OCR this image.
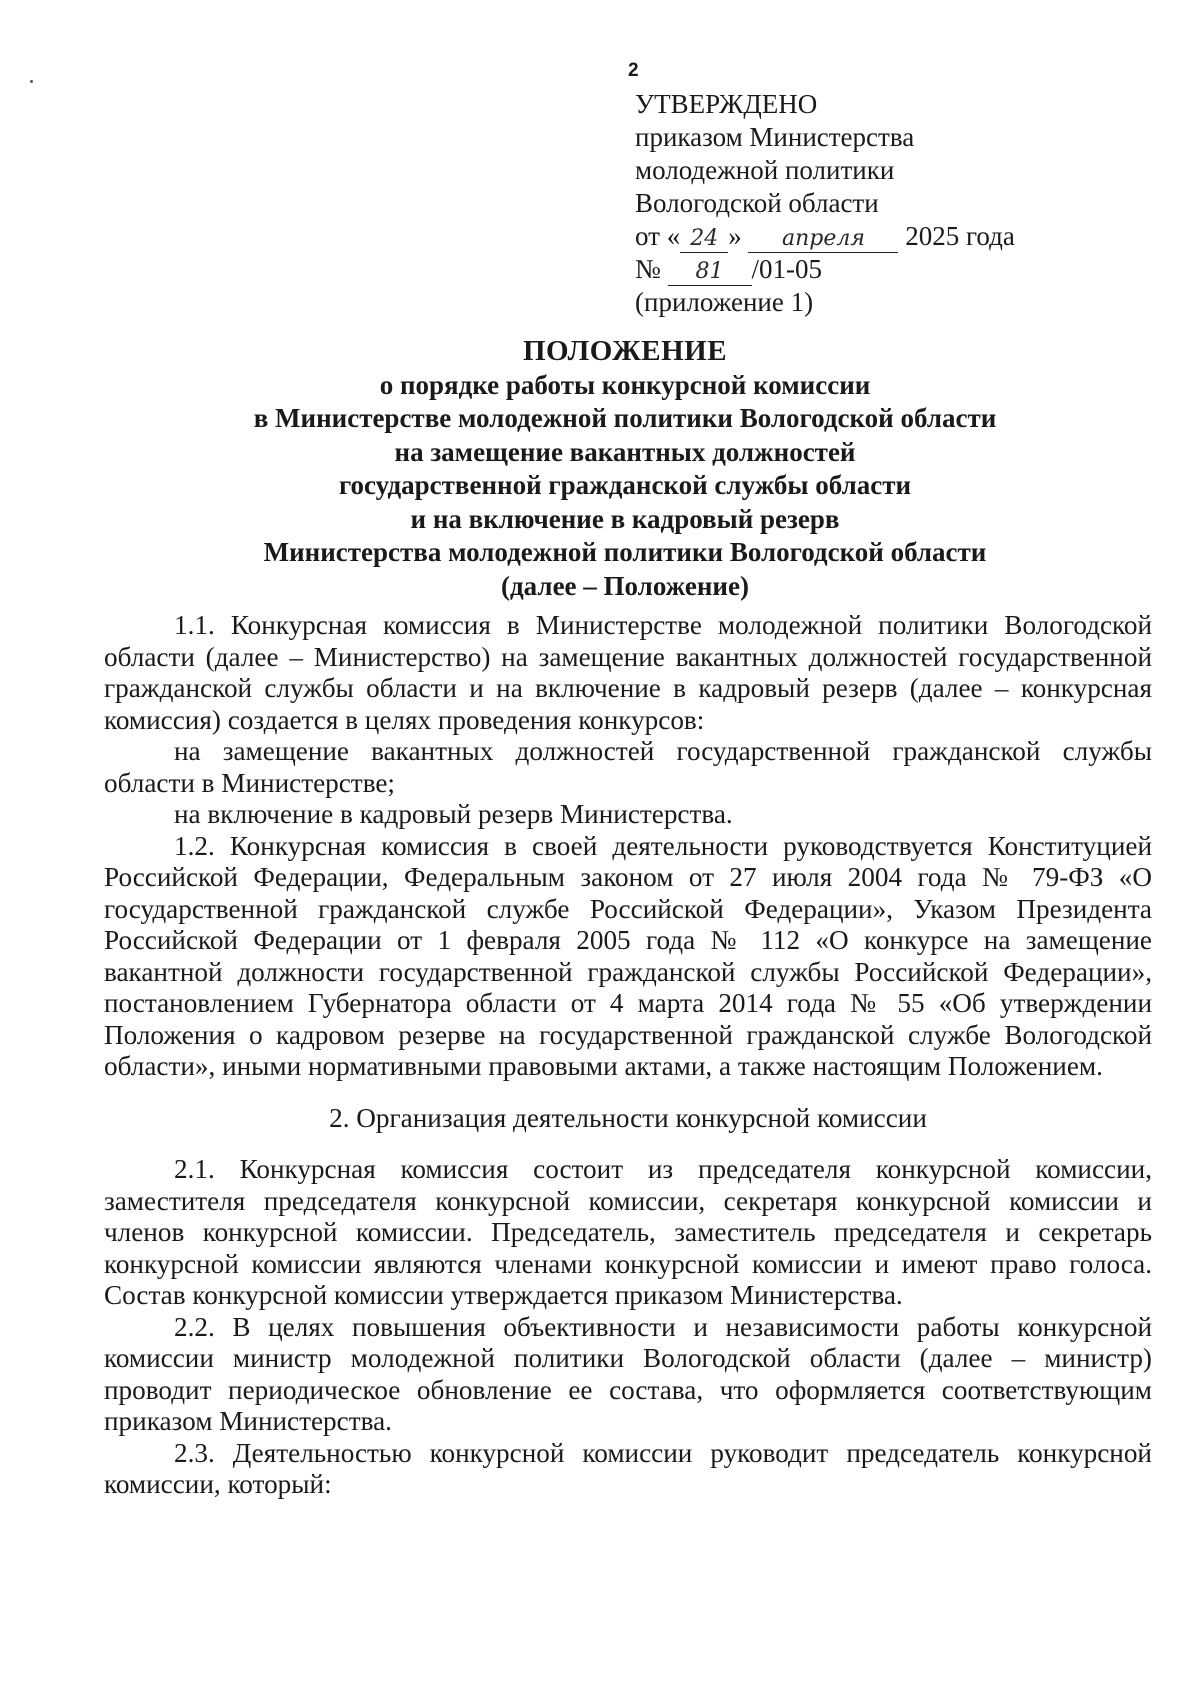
2
УТВЕРЖДЕНО
приказом Министерства
молодежной политики
Вологодской области
от « 24 » апреля 2025 года
№ 81 /01-05
(приложение 1)
ПОЛОЖЕНИЕ
о порядке работы конкурсной комиссии
в Министерстве молодежной политики Вологодской области
на замещение вакантных должностей
государственной гражданской службы области
и на включение в кадровый резерв
Министерства молодежной политики Вологодской области
(далее – Положение)

1.1. Конкурсная комиссия в Министерстве молодежной политики Вологодской области (далее – Министерство) на замещение вакантных должностей государственной гражданской службы области и на включение в кадровый резерв (далее – конкурсная комиссия) создается в целях проведения конкурсов:

на замещение вакантных должностей государственной гражданской службы области в Министерстве;

на включение в кадровый резерв Министерства.

1.2. Конкурсная комиссия в своей деятельности руководствуется Конституцией Российской Федерации, Федеральным законом от 27 июля 2004 года № 79-ФЗ «О государственной гражданской службе Российской Федерации», Указом Президента Российской Федерации от 1 февраля 2005 года № 112 «О конкурсе на замещение вакантной должности государственной гражданской службы Российской Федерации», постановлением Губернатора области от 4 марта 2014 года № 55 «Об утверждении Положения о кадровом резерве на государственной гражданской службе Вологодской области», иными нормативными правовыми актами, а также настоящим Положением.

2. Организация деятельности конкурсной комиссии

2.1. Конкурсная комиссия состоит из председателя конкурсной комиссии, заместителя председателя конкурсной комиссии, секретаря конкурсной комиссии и членов конкурсной комиссии. Председатель, заместитель председателя и секретарь конкурсной комиссии являются членами конкурсной комиссии и имеют право голоса. Состав конкурсной комиссии утверждается приказом Министерства.

2.2. В целях повышения объективности и независимости работы конкурсной комиссии министр молодежной политики Вологодской области (далее – министр) проводит периодическое обновление ее состава, что оформляется соответствующим приказом Министерства.

2.3. Деятельностью конкурсной комиссии руководит председатель конкурсной комиссии, который:
